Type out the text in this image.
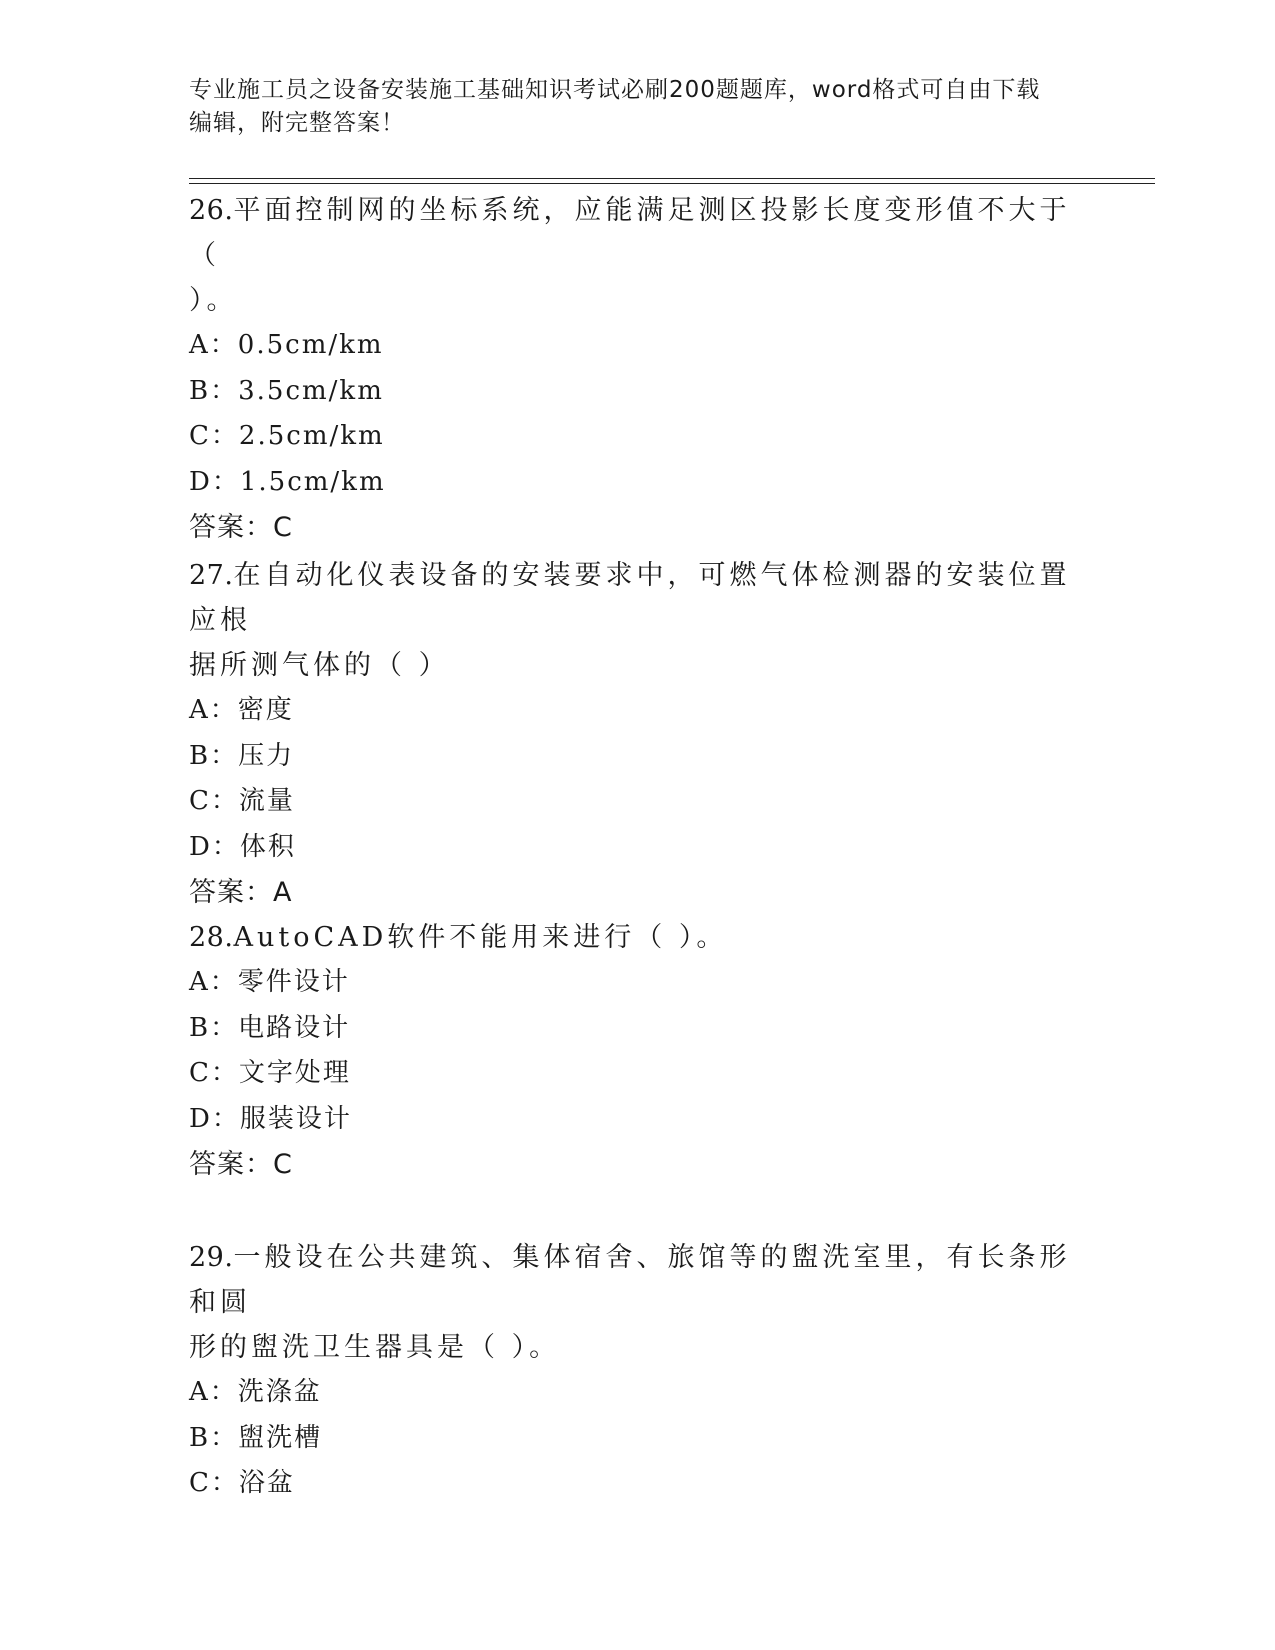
专业施工员之设备安装施工基础知识考试必刷200题题库，word格式可自由下载
编辑，附完整答案！

26.平面控制网的坐标系统，应能满足测区投影长度变形值不大于（

）。

A：0.5cm/km

B：3.5cm/km

C：2.5cm/km

D：1.5cm/km

答案：C

27.在自动化仪表设备的安装要求中，可燃气体检测器的安装位置应根

据所测气体的（ ）

A：密度

B：压力

C：流量

D：体积

答案：A

28.AutoCAD软件不能用来进行（ ）。

A：零件设计

B：电路设计

C：文字处理

D：服装设计

答案：C

29.一般设在公共建筑、集体宿舍、旅馆等的盥洗室里，有长条形和圆

形的盥洗卫生器具是（ ）。

A：洗涤盆

B：盥洗槽

C：浴盆
